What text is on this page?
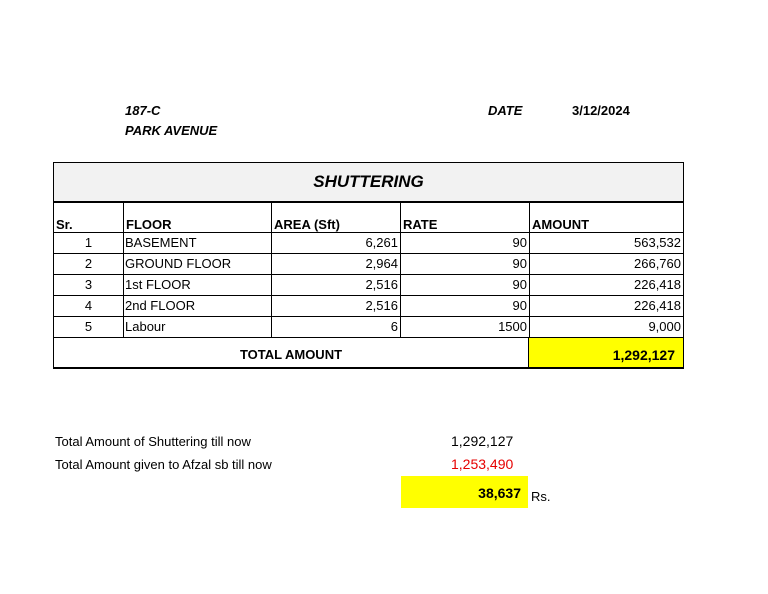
187-C
PARK AVENUE
DATE	3/12/2024
SHUTTERING
Sr.	FLOOR	AREA (Sft)	RATE	AMOUNT
1	BASEMENT	6,261	90	563,532
2	GROUND FLOOR	2,964	90	266,760
3	1st FLOOR	2,516	90	226,418
4	2nd FLOOR	2,516	90	226,418
5	Labour	6	1500	9,000
TOTAL AMOUNT	1,292,127
Total Amount of Shuttering till now	1,292,127
Total Amount given to Afzal sb till now	1,253,490
38,637 Rs.
